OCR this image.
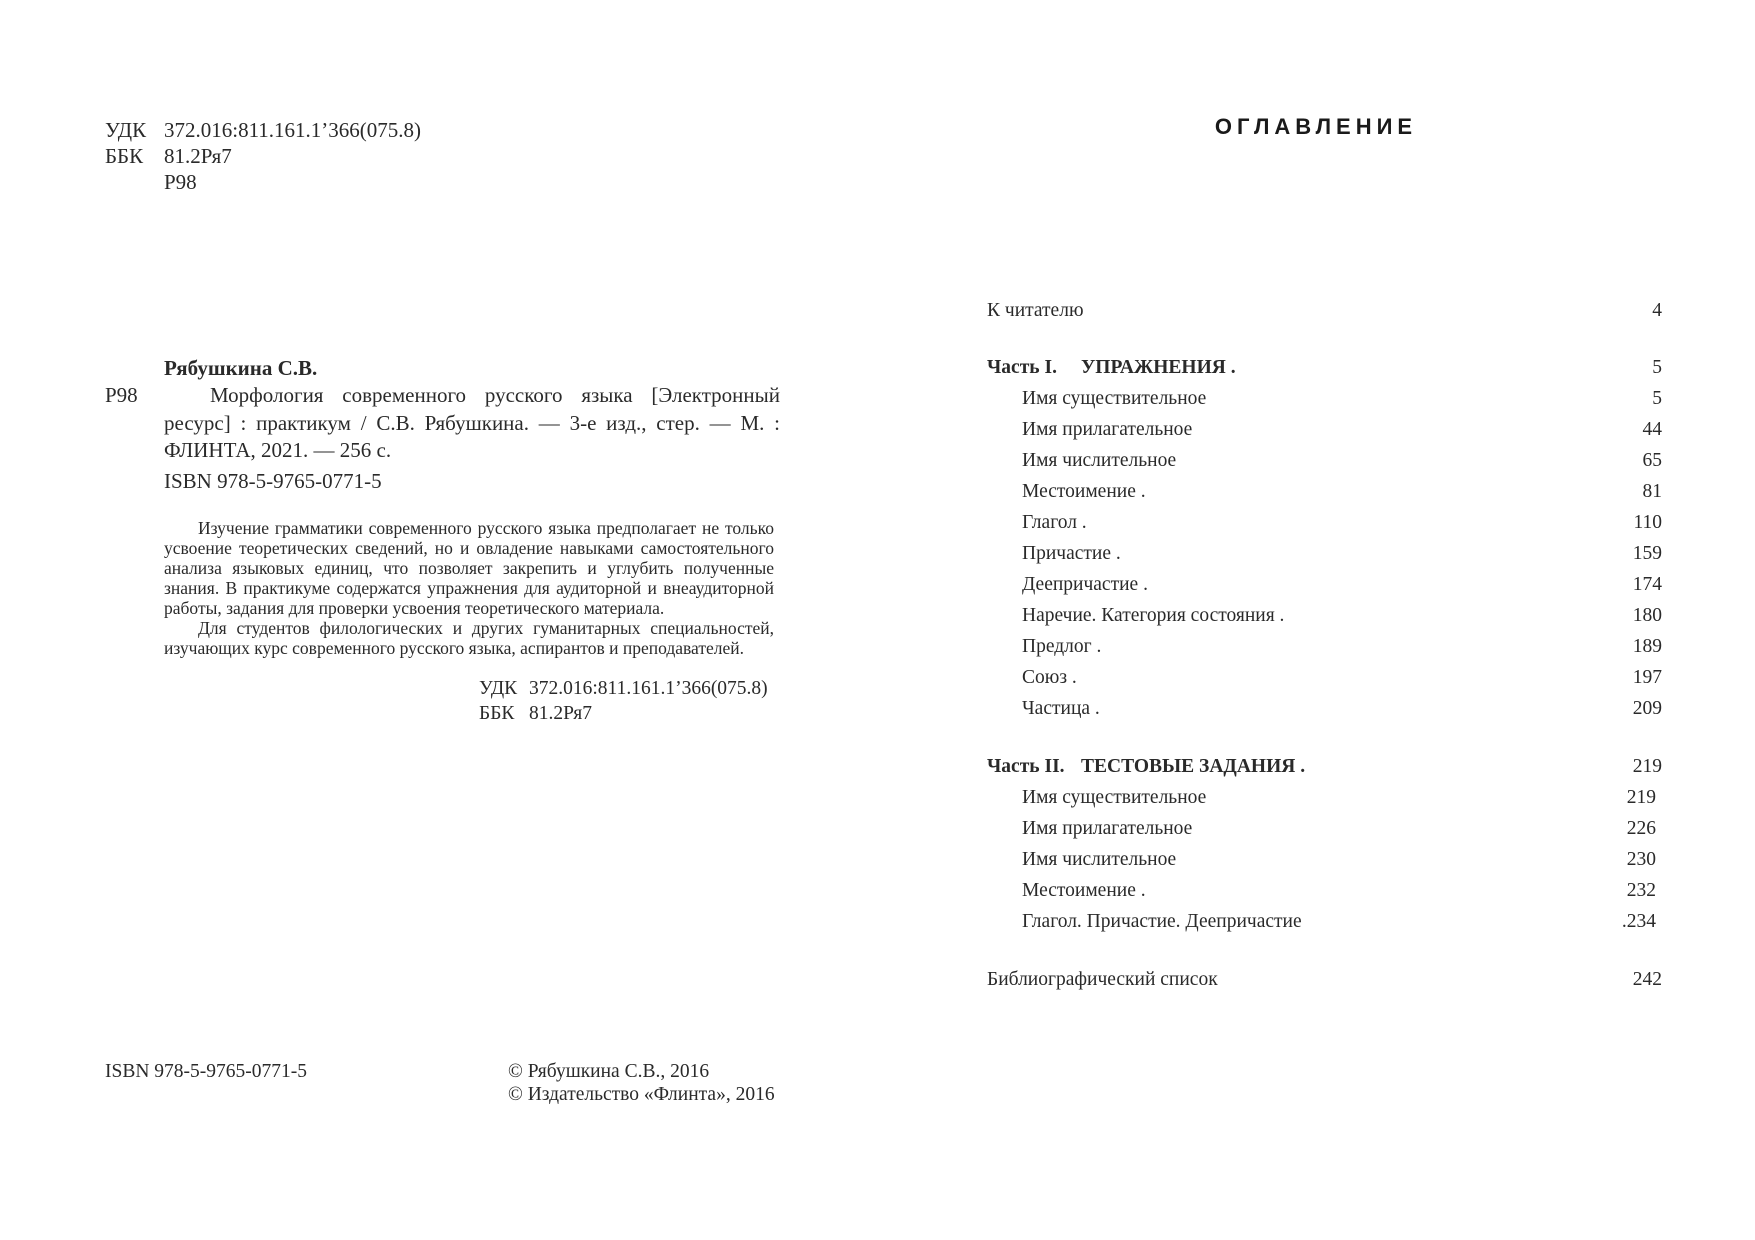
УДК 372.016:811.161.1’366(075.8)
ББК 81.2Ря7
Р98
Рябушкина С.В.
Р98	Морфология современного русского языка [Электронный ресурс] : практикум / С.В. Рябушкина. — 3-е изд., стер. — М. : ФЛИНТА, 2021. — 256 с.
ISBN 978-5-9765-0771-5

Изучение грамматики современного русского языка предполагает не только усвоение теоретических сведений, но и овладение навыками самостоятельного анализа языковых единиц, что позволяет закрепить и углубить полученные знания. В практикуме содержатся упражнения для аудиторной и внеаудиторной работы, задания для проверки усвоения теоретического материала.

Для студентов филологических и других гуманитарных специальностей, изучающих курс современного русского языка, аспирантов и преподавателей.

УДК 372.016:811.161.1’366(075.8)
ББК 81.2Ря7
ISBN 978-5-9765-0771-5	© Рябушкина С.В., 2016
© Издательство «Флинта», 2016
ОГЛАВЛЕНИЕ
К читателю	4
Часть I. УПРАЖНЕНИЯ .	5
Имя существительное	5
Имя прилагательное	44
Имя числительное	65
Местоимение .	81
Глагол .	110
Причастие .	159
Деепричастие .	174
Наречие. Категория состояния .	180
Предлог .	189
Союз .	197
Частица .	209
Часть II. ТЕСТОВЫЕ ЗАДАНИЯ .	219
Имя существительное	219
Имя прилагательное	226
Имя числительное	230
Местоимение .	232
Глагол. Причастие. Деепричастие	.234
Библиографический список	242
